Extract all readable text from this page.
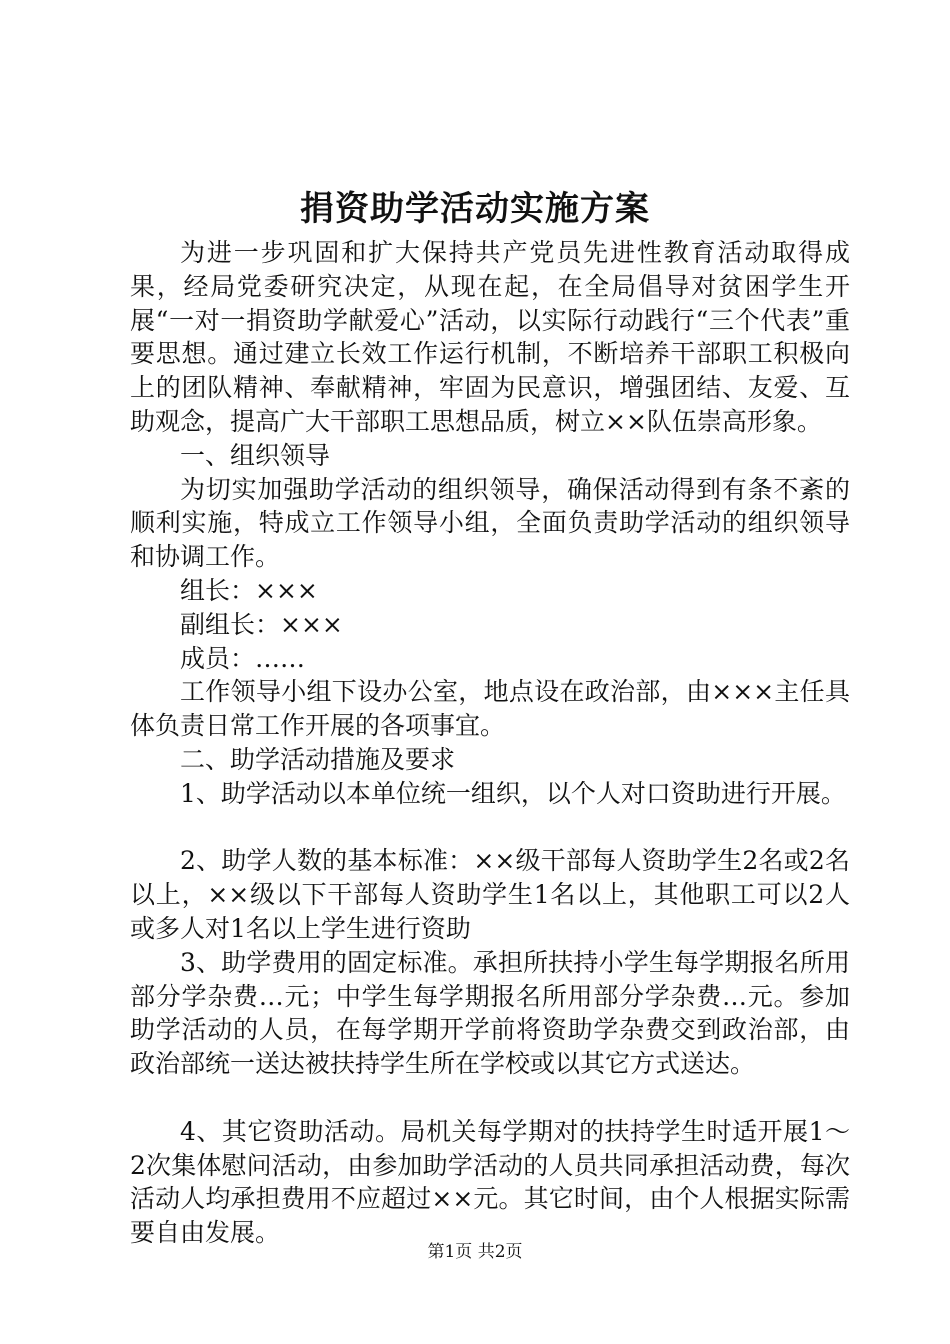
捐资助学活动实施方案

为进一步巩固和扩大保持共产党员先进性教育活动取得成果，经局党委研究决定，从现在起，在全局倡导对贫困学生开展“一对一捐资助学献爱心”活动，以实际行动践行“三个代表”重要思想。通过建立长效工作运行机制，不断培养干部职工积极向上的团队精神、奉献精神，牢固为民意识，增强团结、友爱、互助观念，提高广大干部职工思想品质，树立××队伍崇高形象。

一、组织领导

为切实加强助学活动的组织领导，确保活动得到有条不紊的顺利实施，特成立工作领导小组，全面负责助学活动的组织领导和协调工作。

组长：×××

副组长：×××

成员：……

工作领导小组下设办公室，地点设在政治部，由×××主任具体负责日常工作开展的各项事宜。

二、助学活动措施及要求

1、助学活动以本单位统一组织，以个人对口资助进行开展。

2、助学人数的基本标准：××级干部每人资助学生2名或2名以上，××级以下干部每人资助学生1名以上，其他职工可以2人或多人对1名以上学生进行资助

3、助学费用的固定标准。承担所扶持小学生每学期报名所用部分学杂费…元；中学生每学期报名所用部分学杂费…元。参加助学活动的人员，在每学期开学前将资助学杂费交到政治部，由政治部统一送达被扶持学生所在学校或以其它方式送达。

4、其它资助活动。局机关每学期对的扶持学生时适开展1～2次集体慰问活动，由参加助学活动的人员共同承担活动费，每次活动人均承担费用不应超过××元。其它时间，由个人根据实际需要自由发展。

第1页 共2页
